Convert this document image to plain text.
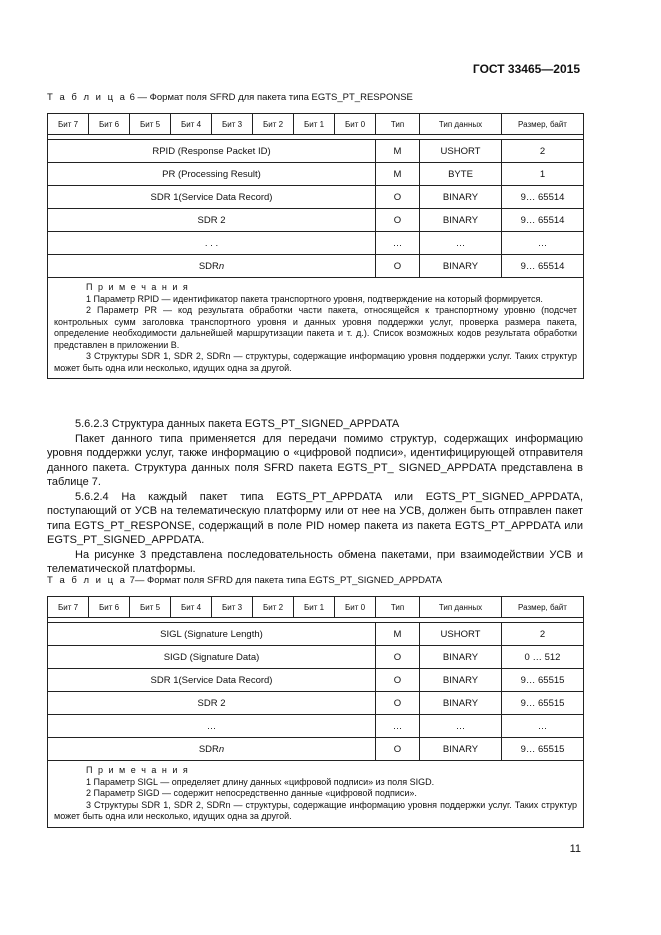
ГОСТ 33465—2015
Т а б л и ц а 6 — Формат поля SFRD для пакета типа EGTS_PT_RESPONSE
Бит 7	Бит 6	Бит 5	Бит 4	Бит 3	Бит 2	Бит 1	Бит 0	Тип	Тип данных	Размер, байт

RPID (Response Packet ID)								M	USHORT	2
PR (Processing Result)								M	BYTE	1
SDR 1(Service Data Record)								O	BINARY	9… 65514
SDR 2								O	BINARY	9… 65514
. . .								…	…	…
SDRn								O	BINARY	9… 65514

П р и м е ч а н и я
1 Параметр RPID — идентификатор пакета транспортного уровня, подтверждение на который формируется.
2 Параметр PR — код результата обработки части пакета, относящейся к транспортному уровню (подсчет контрольных сумм заголовка транспортного уровня и данных уровня поддержки услуг, проверка размера пакета, определение необходимости дальнейшей маршрутизации пакета и т. д.). Список возможных кодов результата обработки представлен в приложении В.
3 Структуры SDR 1, SDR 2, SDRn — структуры, содержащие информацию уровня поддержки услуг. Таких структур может быть одна или несколько, идущих одна за другой.										

5.6.2.3 Структура данных пакета EGTS_PT_SIGNED_APPDATA

Пакет данного типа применяется для передачи помимо структур, содержащих информацию уровня поддержки услуг, также информацию о «цифровой подписи», идентифицирующей отправителя данного пакета. Структура данных поля SFRD пакета EGTS_PT_ SIGNED_APPDATA представлена в таблице 7.

5.6.2.4 На каждый пакет типа EGTS_PT_APPDATA или EGTS_PT_SIGNED_APPDATA, поступающий от УСВ на телематическую платформу или от нее на УСВ, должен быть отправлен пакет типа EGTS_PT_RESPONSE, содержащий в поле PID номер пакета из пакета EGTS_PT_APPDATA или EGTS_PT_SIGNED_APPDATA.

На рисунке 3 представлена последовательность обмена пакетами, при взаимодействии УСВ и телематической платформы.

Т а б л и ц а 7— Формат поля SFRD для пакета типа EGTS_PT_SIGNED_APPDATA
Бит 7	Бит 6	Бит 5	Бит 4	Бит 3	Бит 2	Бит 1	Бит 0	Тип	Тип данных	Размер, байт

SIGL (Signature Length)								M	USHORT	2
SIGD (Signature Data)								O	BINARY	0 … 512
SDR 1(Service Data Record)								O	BINARY	9… 65515
SDR 2								O	BINARY	9… 65515
…								…	…	…
SDRn								O	BINARY	9… 65515

П р и м е ч а н и я
1 Параметр SIGL — определяет длину данных «цифровой подписи» из поля SIGD.
2 Параметр SIGD — содержит непосредственно данные «цифровой подписи».
3 Структуры SDR 1, SDR 2, SDRn — структуры, содержащие информацию уровня поддержки услуг. Таких структур может быть одна или несколько, идущих одна за другой.										
11
